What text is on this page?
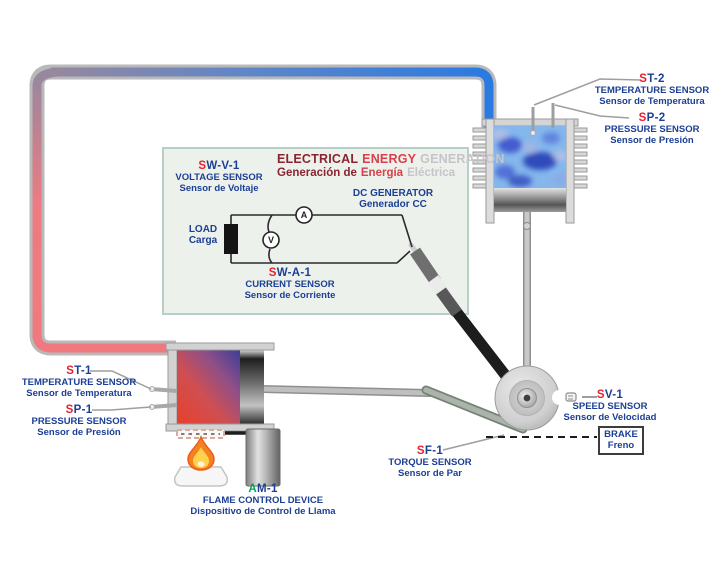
ELECTRICAL ENERGY GENERATION
Generación de Energía Eléctrica
ST-2
TEMPERATURE SENSOR
Sensor de Temperatura
SP-2
PRESSURE SENSOR
Sensor de Presión
SW-V-1
VOLTAGE SENSOR
Sensor de Voltaje	DC GENERATOR
Generador CC
LOAD
Carga
SW-A-1
CURRENT SENSOR
Sensor de Corriente
ST-1
TEMPERATURE SENSOR
Sensor de Temperatura
SP-1
PRESSURE SENSOR
Sensor de Presión
SV-1
SPEED SENSOR
Sensor de Velocidad
SF-1
TORQUE SENSOR
Sensor de Par
AM-1
FLAME CONTROL DEVICE
Dispositivo de Control de Llama
BRAKE
Freno
A
V
